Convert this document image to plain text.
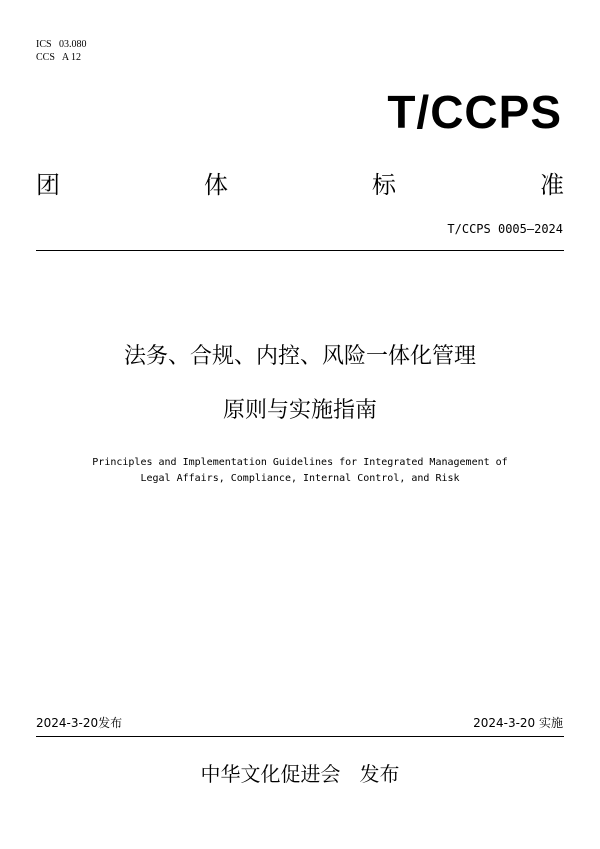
ICS   03.080
CCS   A 12
T/CCPS
团	体	标	准
T/CCPS 0005—2024
法务、合规、内控、风险一体化管理
原则与实施指南
Principles and Implementation Guidelines for Integrated Management of
Legal Affairs, Compliance, Internal Control, and Risk
2024-3-20发布	2024-3-20 实施
中华文化促进会   发布
